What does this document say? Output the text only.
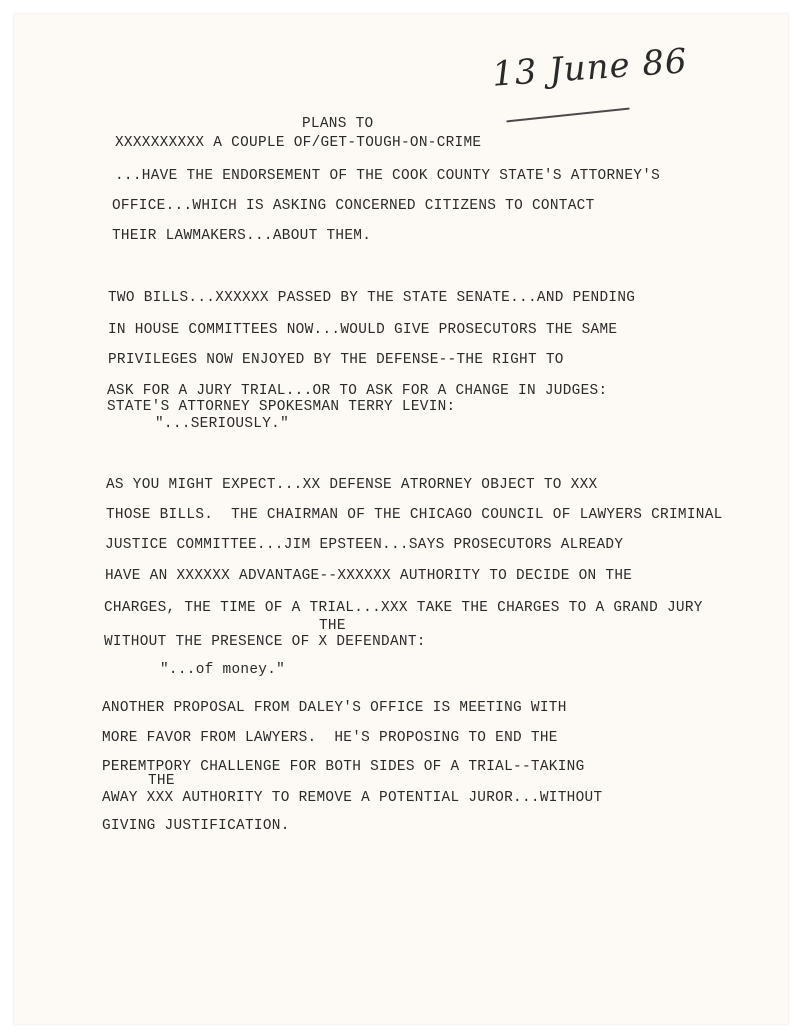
13 June 86
PLANS TO
XXXXXXXXXX A COUPLE OF/GET-TOUGH-ON-CRIME
...HAVE THE ENDORSEMENT OF THE COOK COUNTY STATE'S ATTORNEY'S
OFFICE...WHICH IS ASKING CONCERNED CITIZENS TO CONTACT
THEIR LAWMAKERS...ABOUT THEM.
TWO BILLS...XXXXXX PASSED BY THE STATE SENATE...AND PENDING
IN HOUSE COMMITTEES NOW...WOULD GIVE PROSECUTORS THE SAME
PRIVILEGES NOW ENJOYED BY THE DEFENSE--THE RIGHT TO
ASK FOR A JURY TRIAL...OR TO ASK FOR A CHANGE IN JUDGES:
STATE'S ATTORNEY SPOKESMAN TERRY LEVIN:
"...SERIOUSLY."
AS YOU MIGHT EXPECT...XX DEFENSE ATRORNEY OBJECT TO XXX
THOSE BILLS.  THE CHAIRMAN OF THE CHICAGO COUNCIL OF LAWYERS CRIMINAL
JUSTICE COMMITTEE...JIM EPSTEEN...SAYS PROSECUTORS ALREADY
HAVE AN XXXXXX ADVANTAGE--XXXXXX AUTHORITY TO DECIDE ON THE
CHARGES, THE TIME OF A TRIAL...XXX TAKE THE CHARGES TO A GRAND JURY
THE
WITHOUT THE PRESENCE OF X DEFENDANT:
"...of money."
ANOTHER PROPOSAL FROM DALEY'S OFFICE IS MEETING WITH
MORE FAVOR FROM LAWYERS.  HE'S PROPOSING TO END THE
PEREMTPORY CHALLENGE FOR BOTH SIDES OF A TRIAL--TAKING
THE
AWAY XXX AUTHORITY TO REMOVE A POTENTIAL JUROR...WITHOUT
GIVING JUSTIFICATION.
